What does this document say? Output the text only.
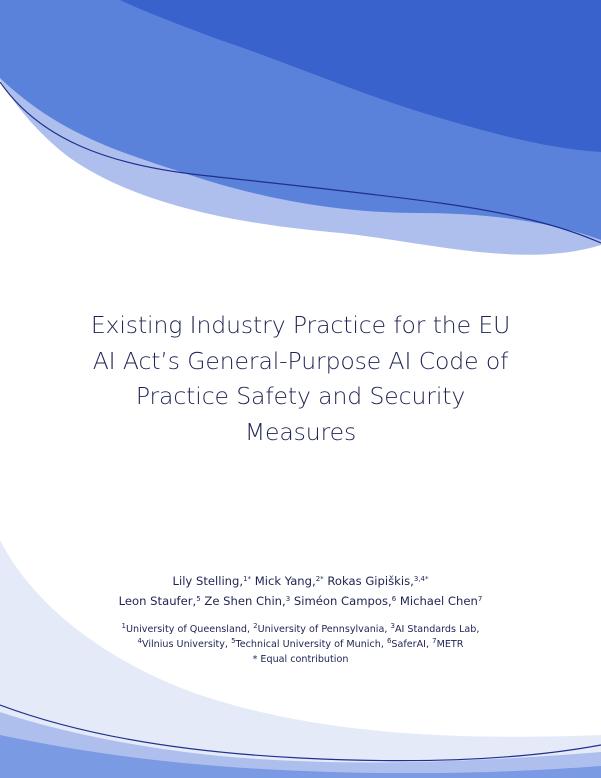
Existing Industry Practice for the EU
AI Act’s General-Purpose AI Code of
Practice Safety and Security
Measures
Lily Stelling,$^{1*}$ Mick Yang,$^{2*}$ Rokas Gipiškis,$^{3,4*}$
Leon Staufer,$^5$ Ze Shen Chin,$^3$ Siméon Campos,$^6$ Michael Chen$^7$
$^1$University of Queensland, $^2$University of Pennsylvania, $^3$AI Standards Lab,
$^4$Vilnius University, $^5$Technical University of Munich, $^6$SaferAI, $^7$METR
* Equal contribution
